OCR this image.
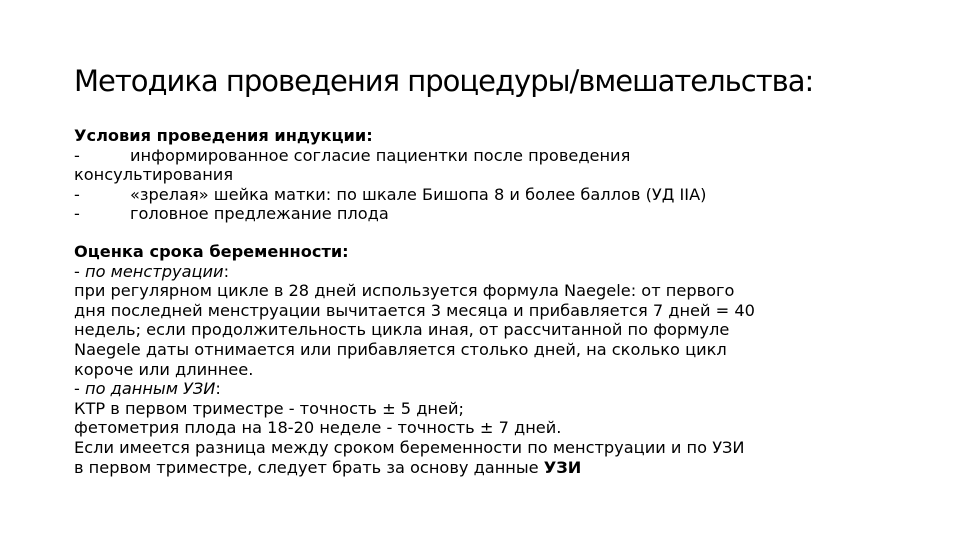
Методика проведения процедуры/вмешательства:
Условия проведения индукции:
-	информированное согласие пациентки после проведения
консультирования
-	«зрелая» шейка матки: по шкале Бишопа 8 и более баллов (УД IIA)
-	головное предлежание плода
Оценка срока беременности:
- по менструации:
при регулярном цикле в 28 дней используется формула Naegele: от первого
дня последней менструации вычитается 3 месяца и прибавляется 7 дней = 40
недель; если продолжительность цикла иная, от рассчитанной по формуле
Naegele даты отнимается или прибавляется столько дней, на сколько цикл
короче или длиннее.
- по данным УЗИ:
КТР в первом триместре - точность ± 5 дней;
фетометрия плода на 18-20 неделе - точность ± 7 дней.
Если имеется разница между сроком беременности по менструации и по УЗИ
в первом триместре, следует брать за основу данные УЗИ
